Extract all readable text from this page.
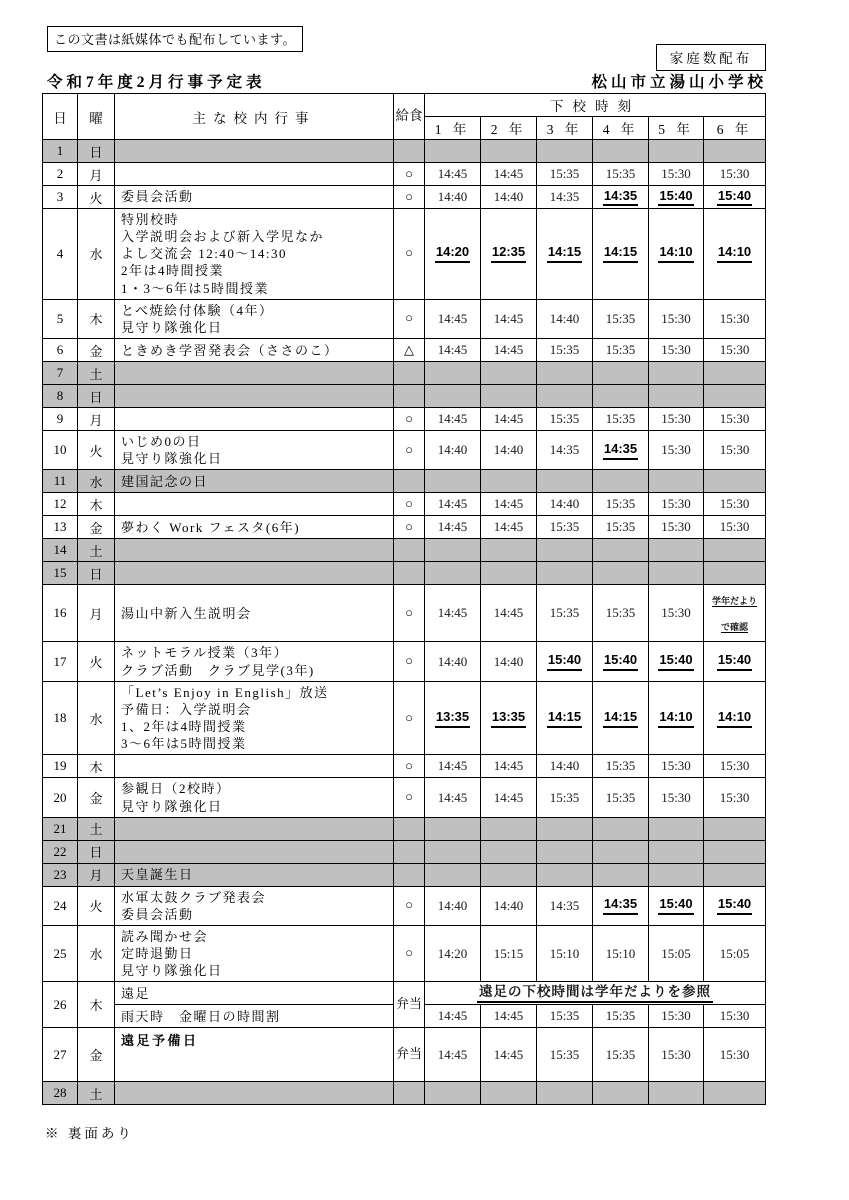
この文書は紙媒体でも配布しています。
家庭数配布
令和7年度2月行事予定表	松山市立湯山小学校
日	曜	主な校内行事	給食	下校時刻					
				1 年	2 年	3 年	4 年	5 年	6 年
1	日								
2	月		○	14:45	14:45	15:35	15:35	15:30	15:30
3	火	委員会活動	○	14:40	14:40	14:35	14:35	15:40	15:40
4	水	特別校時
入学説明会および新入学児なか
よし交流会 12:40～14:30
2年は4時間授業
1・3～6年は5時間授業	○	14:20	12:35	14:15	14:15	14:10	14:10
5	木	とべ焼絵付体験（4年）
見守り隊強化日	○	14:45	14:45	14:40	15:35	15:30	15:30
6	金	ときめき学習発表会（ささのこ）	△	14:45	14:45	15:35	15:35	15:30	15:30
7	土								
8	日								
9	月		○	14:45	14:45	15:35	15:35	15:30	15:30
10	火	いじめ0の日
見守り隊強化日	○	14:40	14:40	14:35	14:35	15:30	15:30
11	水	建国記念の日							

12	木		○	14:45	14:45	14:40	15:35	15:30	15:30
13	金	夢わく Work フェスタ(6年)	○	14:45	14:45	15:35	15:35	15:30	15:30
14	土								
15	日								
16	月	湯山中新入生説明会	○	14:45	14:45	15:35	15:35	15:30	学年だより
で確認

17	火	ネットモラル授業（3年）
クラブ活動　クラブ見学(3年)	○	14:40	14:40	15:40	15:40	15:40	15:40
18	水	「Let’s Enjoy in English」放送
予備日：入学説明会
1、2年は4時間授業
3～6年は5時間授業	○	13:35	13:35	14:15	14:15	14:10	14:10
19	木		○	14:45	14:45	14:40	15:35	15:30	15:30
20	金	参観日（2校時）
見守り隊強化日	○	14:45	14:45	15:35	15:35	15:30	15:30
21	土								
22	日								
23	月	天皇誕生日							

24	火	水軍太鼓クラブ発表会
委員会活動	○	14:40	14:40	14:35	14:35	15:40	15:40
25	水	読み聞かせ会
定時退勤日
見守り隊強化日	○	14:20	15:15	15:10	15:10	15:05	15:05
26	木	遠足	弁当	遠足の下校時間は学年だよりを参照					

		雨天時　金曜日の時間割		14:45	14:45	15:35	15:35	15:30	15:30
27	金	遠足予備日	弁当	14:45	14:45	15:35	15:35	15:30	15:30
28	土								
※ 裏面あり
